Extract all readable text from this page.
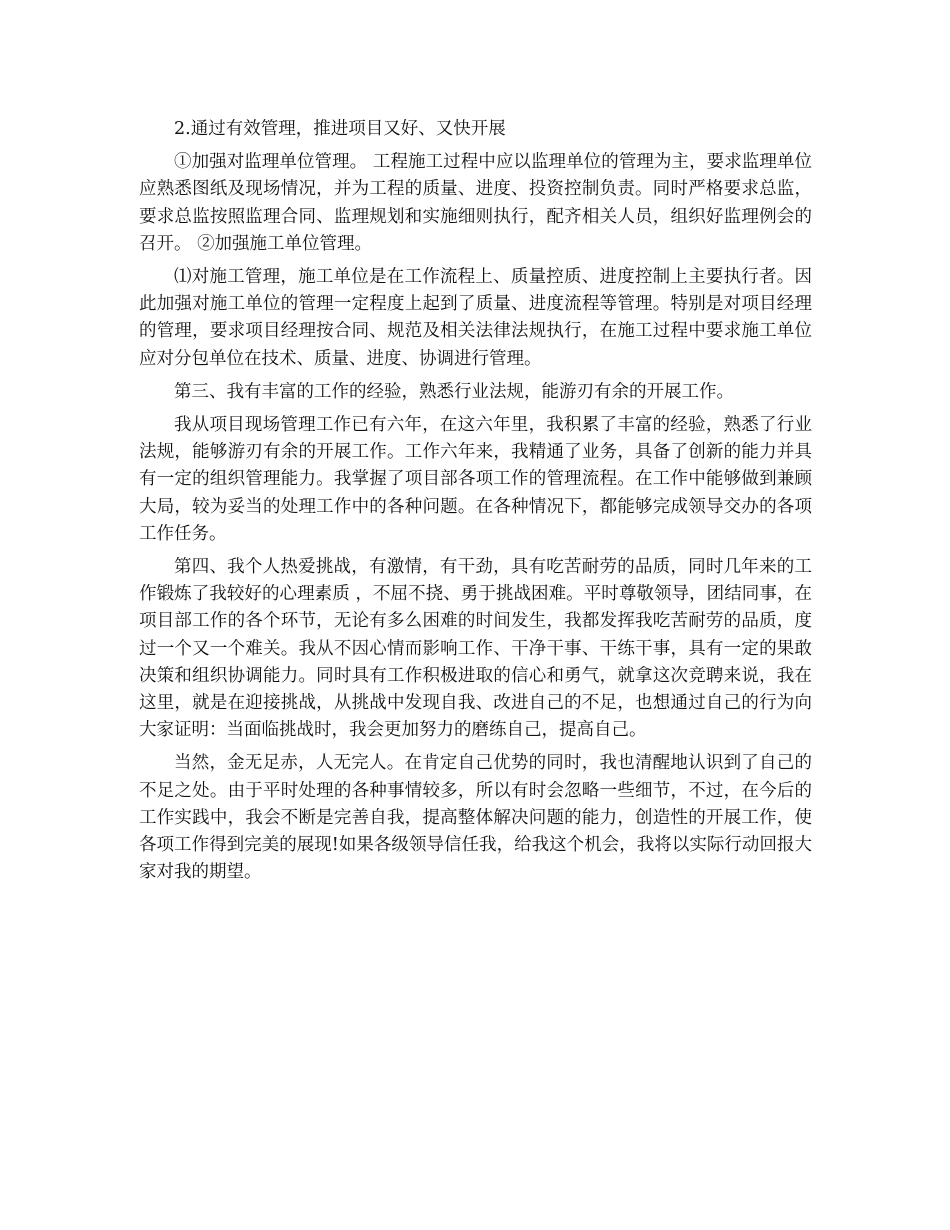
2.通过有效管理，推进项目又好、又快开展

①加强对监理单位管理。 工程施工过程中应以监理单位的管理为主，要求监理单位应熟悉图纸及现场情况，并为工程的质量、进度、投资控制负责。同时严格要求总监，要求总监按照监理合同、监理规划和实施细则执行，配齐相关人员，组织好监理例会的召开。 ②加强施工单位管理。

⑴对施工管理，施工单位是在工作流程上、质量控质、进度控制上主要执行者。因此加强对施工单位的管理一定程度上起到了质量、进度流程等管理。特别是对项目经理的管理，要求项目经理按合同、规范及相关法律法规执行，在施工过程中要求施工单位应对分包单位在技术、质量、进度、协调进行管理。

第三、我有丰富的工作的经验，熟悉行业法规，能游刃有余的开展工作。

我从项目现场管理工作已有六年，在这六年里，我积累了丰富的经验，熟悉了行业法规，能够游刃有余的开展工作。工作六年来，我精通了业务，具备了创新的能力并具有一定的组织管理能力。我掌握了项目部各项工作的管理流程。在工作中能够做到兼顾大局，较为妥当的处理工作中的各种问题。在各种情况下，都能够完成领导交办的各项工作任务。

第四、我个人热爱挑战，有激情，有干劲，具有吃苦耐劳的品质，同时几年来的工作锻炼了我较好的心理素质 ，不屈不挠、勇于挑战困难。平时尊敬领导，团结同事，在项目部工作的各个环节，无论有多么困难的时间发生，我都发挥我吃苦耐劳的品质，度过一个又一个难关。我从不因心情而影响工作、干净干事、干练干事，具有一定的果敢决策和组织协调能力。同时具有工作积极进取的信心和勇气，就拿这次竞聘来说，我在这里，就是在迎接挑战，从挑战中发现自我、改进自己的不足，也想通过自己的行为向大家证明：当面临挑战时，我会更加努力的磨练自己，提高自己。

当然，金无足赤，人无完人。在肯定自己优势的同时，我也清醒地认识到了自己的不足之处。由于平时处理的各种事情较多，所以有时会忽略一些细节，不过，在今后的工作实践中，我会不断是完善自我，提高整体解决问题的能力，创造性的开展工作，使各项工作得到完美的展现!如果各级领导信任我，给我这个机会，我将以实际行动回报大家对我的期望。
